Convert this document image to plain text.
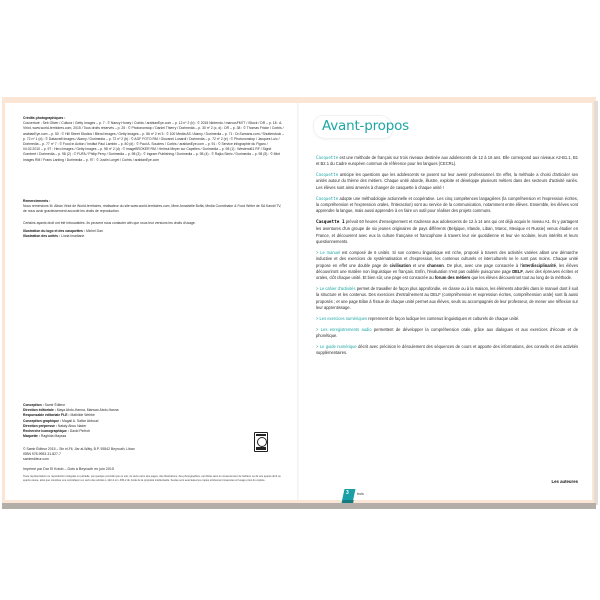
Crédits photographiques :

Couverture : Seb Oliver / Cultura / Getty Images – p. 7 : © Nancy Honey / Corbis / arabianEye.com – p. 12 nº 2 (b) : © 2015 Nintendo / marcusFM77 / iStock / DR – p. 18 : A. Viriot, www.world-territoires.com, 2015 / Tous droits réservés – p. 25 : © Photononstop / Daniel Thierry / Dorimedia – p. 30 nº 2 (c, d) : DR – p. 38 : © Thomas Fricke / Corbis / arabianEye.com – p. 50 : © Hill Street Studios / Blend Images / Getty Images – p. 56 nº 2 et 3 : © 100 Media AS / Alamy / Dorimedia – p. 71 : Dr.Sarnans.com / Shutterstock – p. 72 nº 1 (d) : © Datacraft Images / Alamy / Dorimedia – p. 72 nº 2 (b) : © AGF FOTO RM / Giovanni Lunardi / Dorimedia – p. 72 nº 2 (e) : © Photononstop / Jacques Loic / Dorimedia – p. 77 nº 7 : © Food in Action / Institut Paul Lambin – p. 80 (d) : © Paul A. Souders / Corbis / arabianEye.com – p. 91 : © Service infographie du Figaro / 04.02.2010 – p. 97 : Hero Images / Getty Images – p. 98 nº 2 (d) : © imageBROKER RM / Helmut Meyer zur Capellen / Dorimedia – p. 98 (1) : Westend61 RF / Sigrid Gombert / Dorimedia – p. 98 (2) : © FUFA / Philip Perry / Dorimedia – p. 98 (3) : © Ingram Publishing / Dorimedia – p. 98 (4) : © Rajko Simic / Dorimedia – p. 98 (5) : © Mint Images RM / Frans Lanting / Dorimedia – p. 97 : © Justin Lorget / Corbis / arabianEye.com

Remerciements :

Nous remercions M. Alban Viriot de World-territoires, réalisateur du site www.world-territoires.com, Mme Annabelle Boffa, Media Coordinator & Food Writer de SA Kandil TV, de nous avoir gracieusement accordé les droits de reproduction.

Certains ayants droit ont été introuvables. Ils peuvent nous contacter afin que nous leur versions les droits d'usage.

Illustration du logo et des casquettes : Michel Dan

Illustration des unités : Linda Imadiane

Conception : Samir Éditeur

Direction éditoriale : Maya Abdo-Hanna, Marwan Abdo-Hanna

Responsable éditoriale FLE : Mathilde Wehbe

Conception graphique : Magali A. Sattar Abboud

Direction prépresse : Nataly Abou Nader

Recherche iconographique : David Pinfroh

Maquette : Raghida Mayssa

© Samir Éditeur 2015 – Sin el-Fil, Jisr al-Wâty, B.P. 55542 Beyrouth, Liban

ISBN 978-9953-31-827-7

samirediteur.com

Imprimé par Dar El Kotob – Dots à Beyrouth en juin 2015
Toute représentation ou reproduction intégrale ou partielle, par quelque procédé que ce soit, du texte et/ou des pages, des illustrations, des photographies, est illicite sans le consentement de l'éditeur ou de ses ayants droit ou ayants cause, ainsi que constitue une contrefaçon en vertu des articles L.122-4 et L.335-2 du Code de la propriété intellectuelle. Seules sont autorisées les copies strictement réservées à l'usage privé du copiste.
Avant-propos

Casquette est une méthode de français sur trois niveaux destinée aux adolescents de 12 à 16 ans. Elle correspond aux niveaux A2-B1.1, B1 et B2.1 du Cadre européen commun de référence pour les langues (CECRL).

Casquette anticipe les questions que les adolescents se posent sur leur avenir professionnel. En effet, la méthode a choisi d'articuler ses unités autour du thème des métiers. Chaque unité aborde, illustre, exploite et développe plusieurs métiers dans des secteurs d'activité variés. Les élèves sont ainsi amenés à changer de casquette à chaque unité !

Casquette adopte une méthodologie actionnelle et coopérative. Les cinq compétences langagières (la compréhension et l'expression écrites, la compréhension et l'expression orales, l'interaction) sont au service de la communication, notamment entre élèves. Ensemble, les élèves vont apprendre la langue, mais aussi apprendre à en faire un outil pour réaliser des projets communs.

Casquette 1 prévoit 60 heures d'enseignement et s'adresse aux adolescents de 12 à 14 ans qui ont déjà acquis le niveau A1. Ils y partagent les aventures d'un groupe de six jeunes originaires de pays différents (Belgique, Irlande, Liban, Maroc, Mexique et Russie) venus étudier en France, et découvrent avec eux la culture française et francophone à travers leur vie quotidienne et leur vie scolaire, leurs intérêts et leurs questionnements.

> Le manuel est composé de 6 unités. Si son contenu linguistique est riche, proposé à travers des activités variées allant une démarche inductive et des exercices de systématisation et d'expression, les contenus culturels et interculturels ne le sont pas moins. Chaque unité propose en effet une double page de civilisation et une chanson. De plus, avec une page consacrée à l'interdisciplinarité, les élèves découvriront une matière non linguistique en français. Enfin, l'évaluation n'est pas oubliée puisqu'une page DELF, avec des épreuves écrites et orales, clôt chaque unité. Et bien sûr, une page est consacrée au forum des métiers que les élèves découvriront tout au long de la méthode.

> Le cahier d'activités permet de travailler de façon plus approfondie, en classe ou à la maison, les éléments abordés dans le manuel dont il suit la structure et les contenus. Des exercices d'entraînement au DELF (compréhension et expression écrites, compréhension orale) sont là aussi proposés ; et une page Bilan à l'issue de chaque unité permet aux élèves, seuls ou accompagnés de leur professeur, de mener une réflexion sur leur apprentissage.

> Les exercices numériques reprennent de façon ludique les contenus linguistiques et culturels de chaque unité.

> Les enregistrements audio permettent de développer la compréhension orale, grâce aux dialogues et aux exercices d'écoute et de phonétique.

> Le guide numérique décrit avec précision le déroulement des séquences de cours et apporte des informations, des conseils et des activités supplémentaires.

Les auteures
3 trois
